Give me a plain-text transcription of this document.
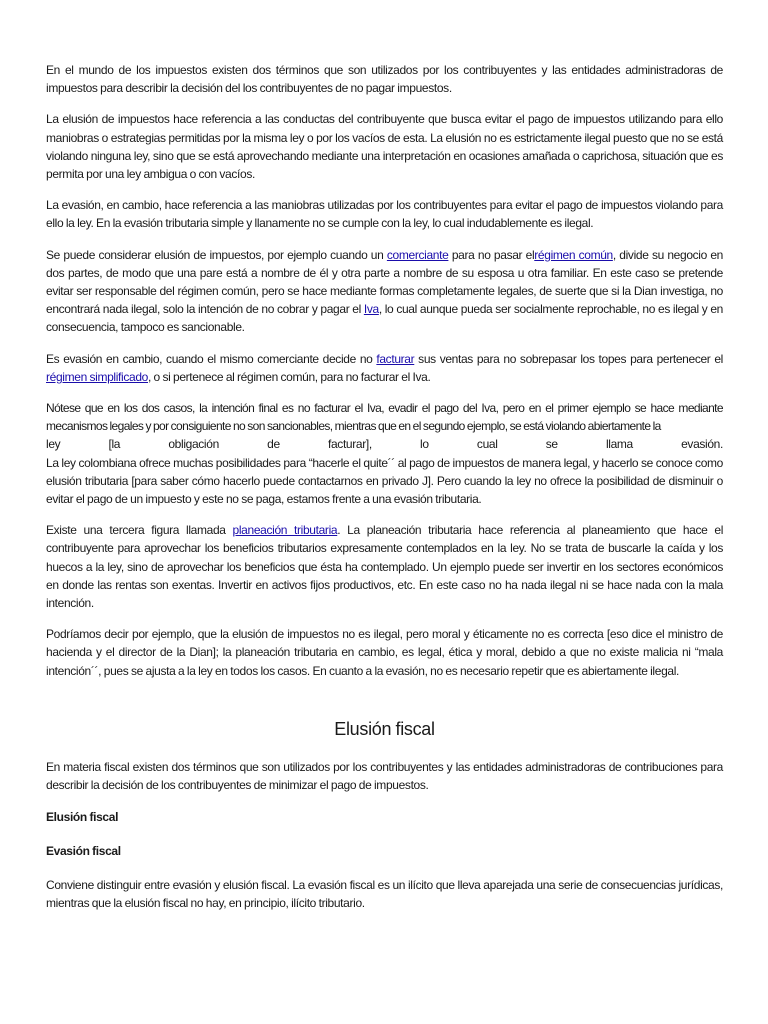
En el mundo de los impuestos existen dos términos que son utilizados por los contribuyentes y las entidades administradoras de impuestos para describir la decisión del los contribuyentes de no pagar impuestos.

La elusión de impuestos hace referencia a las conductas del contribuyente que busca evitar el pago de impuestos utilizando para ello maniobras o estrategias permitidas por la misma ley o por los vacíos de esta. La elusión no es estrictamente ilegal puesto que no se está violando ninguna ley, sino que se está aprovechando mediante una interpretación en ocasiones amañada o caprichosa, situación que es permita por una ley ambigua o con vacíos.

La evasión, en cambio, hace referencia a las maniobras utilizadas por los contribuyentes para evitar el pago de impuestos violando para ello la ley. En la evasión tributaria simple y llanamente no se cumple con la ley, lo cual indudablemente es ilegal.

Se puede considerar elusión de impuestos, por ejemplo cuando un comerciante para no pasar elrégimen común, divide su negocio en dos partes, de modo que una pare está a nombre de él y otra parte a nombre de su esposa u otra familiar. En este caso se pretende evitar ser responsable del régimen común, pero se hace mediante formas completamente legales, de suerte que si la Dian investiga, no encontrará nada ilegal, solo la intención de no cobrar y pagar el Iva, lo cual aunque pueda ser socialmente reprochable, no es ilegal y en consecuencia, tampoco es sancionable.

Es evasión en cambio, cuando el mismo comerciante decide no facturar sus ventas para no sobrepasar los topes para pertenecer el régimen simplificado, o si pertenece al régimen común, para no facturar el Iva.

Nótese que en los dos casos, la intención final es no facturar el Iva, evadir el pago del Iva, pero en el primer ejemplo se hace mediante mecanismos legales y por consiguiente no son sancionables, mientras que en el segundo ejemplo, se está violando abiertamente la
ley [la obligación de facturar], lo cual se llama evasión.
La ley colombiana ofrece muchas posibilidades para “hacerle el quite´´ al pago de impuestos de manera legal, y hacerlo se conoce como elusión tributaria [para saber cómo hacerlo puede contactarnos en privado J]. Pero cuando la ley no ofrece la posibilidad de disminuir o evitar el pago de un impuesto y este no se paga, estamos frente a una evasión tributaria.

Existe una tercera figura llamada planeación tributaria. La planeación tributaria hace referencia al planeamiento que hace el contribuyente para aprovechar los beneficios tributarios expresamente contemplados en la ley. No se trata de buscarle la caída y los huecos a la ley, sino de aprovechar los beneficios que ésta ha contemplado. Un ejemplo puede ser invertir en los sectores económicos en donde las rentas son exentas. Invertir en activos fijos productivos, etc. En este caso no ha nada ilegal ni se hace nada con la mala intención.

Podríamos decir por ejemplo, que la elusión de impuestos no es ilegal, pero moral y éticamente no es correcta [eso dice el ministro de hacienda y el director de la Dian]; la planeación tributaria en cambio, es legal, ética y moral, debido a que no existe malicia ni “mala intención´´, pues se ajusta a la ley en todos los casos. En cuanto a la evasión, no es necesario repetir que es abiertamente ilegal.

Elusión fiscal

En materia fiscal existen dos términos que son utilizados por los contribuyentes y las entidades administradoras de contribuciones para describir la decisión de los contribuyentes de minimizar el pago de impuestos.

Elusión fiscal
Evasión fiscal

Conviene distinguir entre evasión y elusión fiscal. La evasión fiscal es un ilícito que lleva aparejada una serie de consecuencias jurídicas, mientras que la elusión fiscal no hay, en principio, ilícito tributario.
